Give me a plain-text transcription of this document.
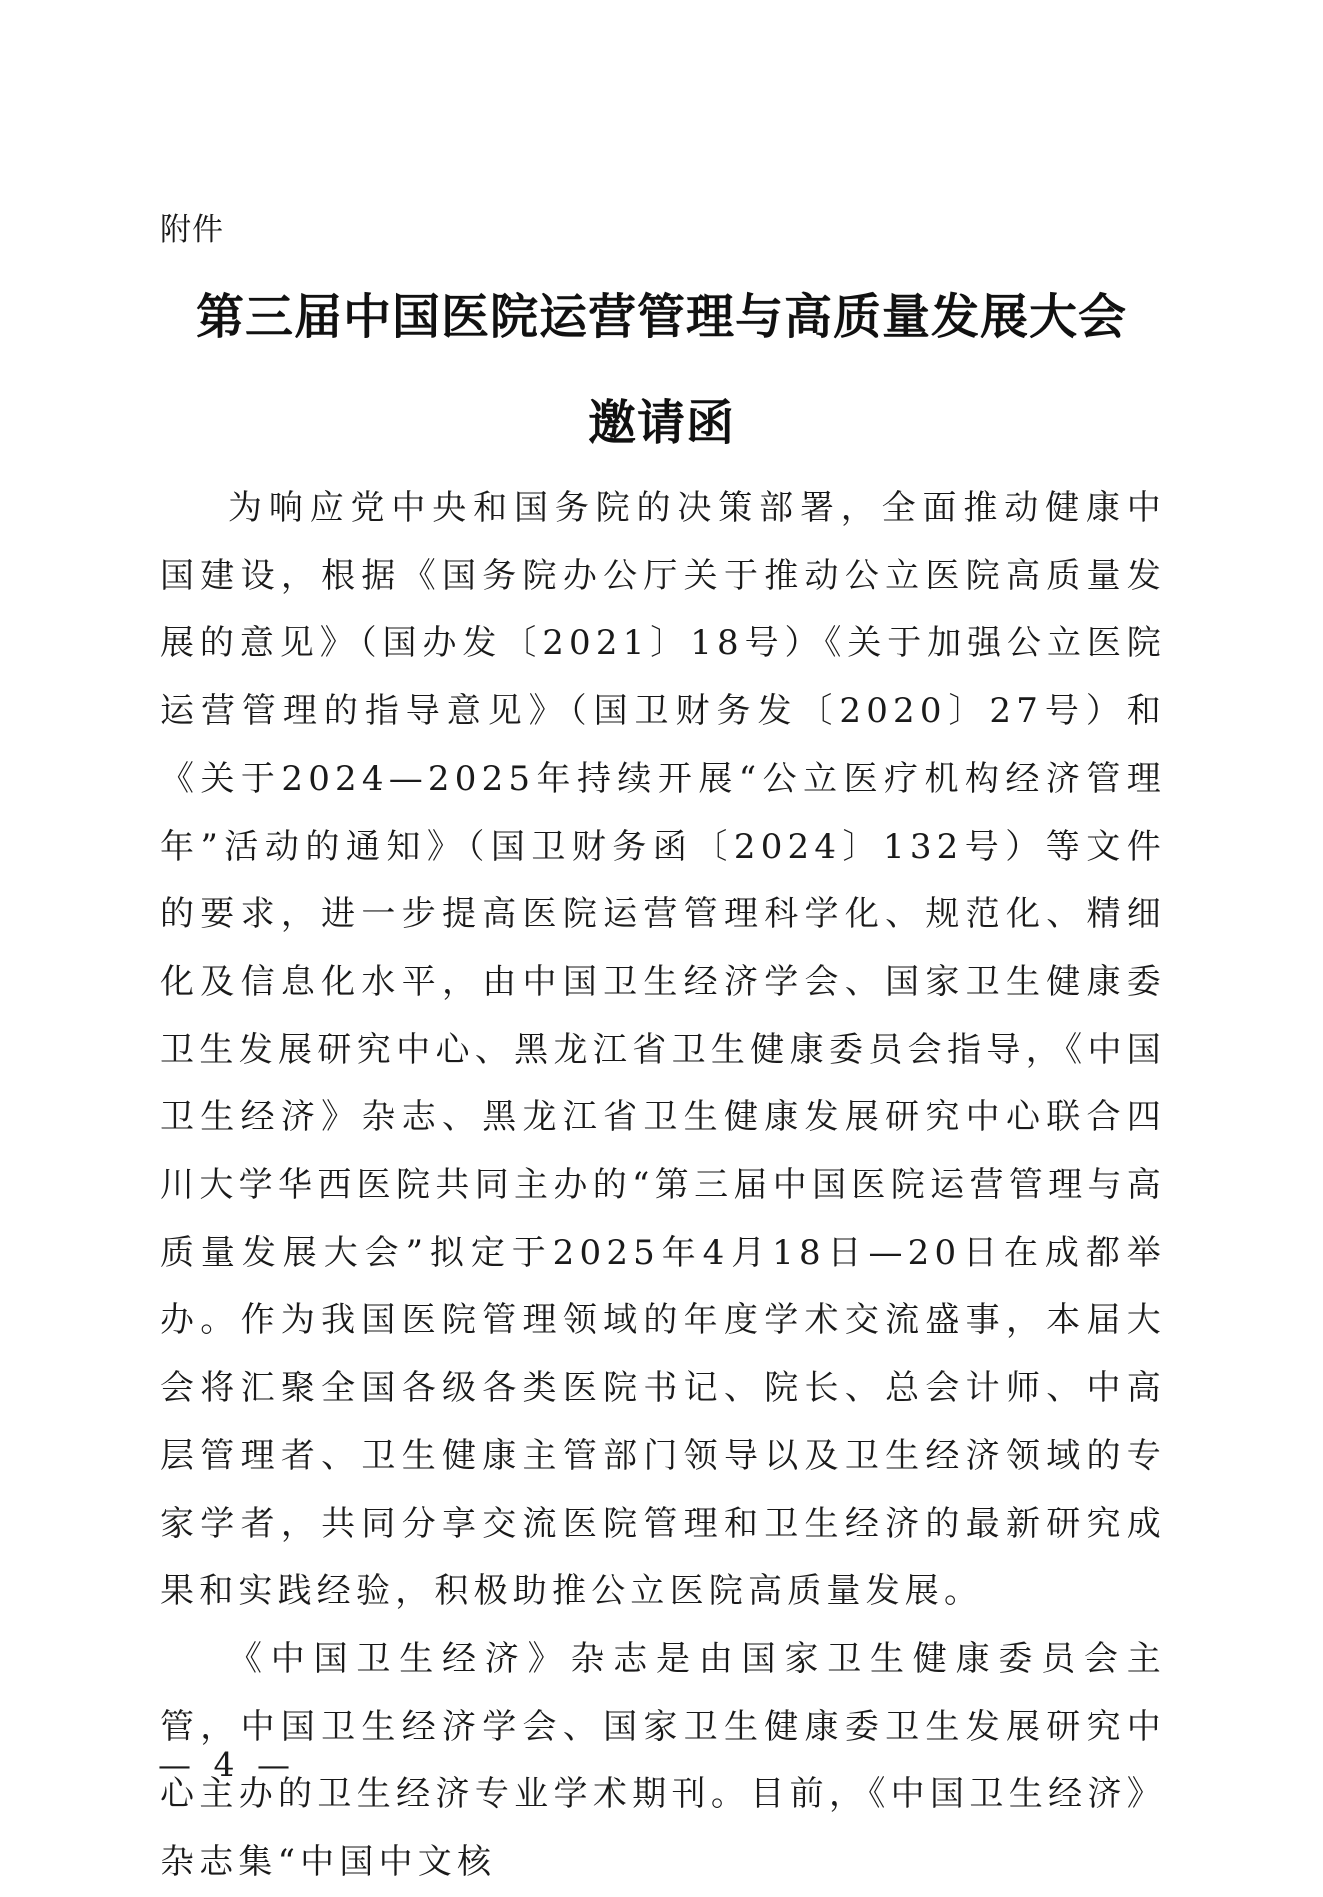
附件
第三届中国医院运营管理与高质量发展大会
邀请函

为响应党中央和国务院的决策部署，全面推动健康中国建设，根据《国务院办公厅关于推动公立医院高质量发展的意见》（国办发〔2021〕18号）《关于加强公立医院运营管理的指导意见》（国卫财务发〔2020〕27号）和《关于2024—2025年持续开展“公立医疗机构经济管理年”活动的通知》（国卫财务函〔2024〕132号）等文件的要求，进一步提高医院运营管理科学化、规范化、精细化及信息化水平，由中国卫生经济学会、国家卫生健康委卫生发展研究中心、黑龙江省卫生健康委员会指导，《中国卫生经济》杂志、黑龙江省卫生健康发展研究中心联合四川大学华西医院共同主办的“第三届中国医院运营管理与高质量发展大会”拟定于2025年4月18日—20日在成都举办。作为我国医院管理领域的年度学术交流盛事，本届大会将汇聚全国各级各类医院书记、院长、总会计师、中高层管理者、卫生健康主管部门领导以及卫生经济领域的专家学者，共同分享交流医院管理和卫生经济的最新研究成果和实践经验，积极助推公立医院高质量发展。

《中国卫生经济》杂志是由国家卫生健康委员会主管，中国卫生经济学会、国家卫生健康委卫生发展研究中心主办的卫生经济专业学术期刊。目前，《中国卫生经济》杂志集“中国中文核

— 4 —
